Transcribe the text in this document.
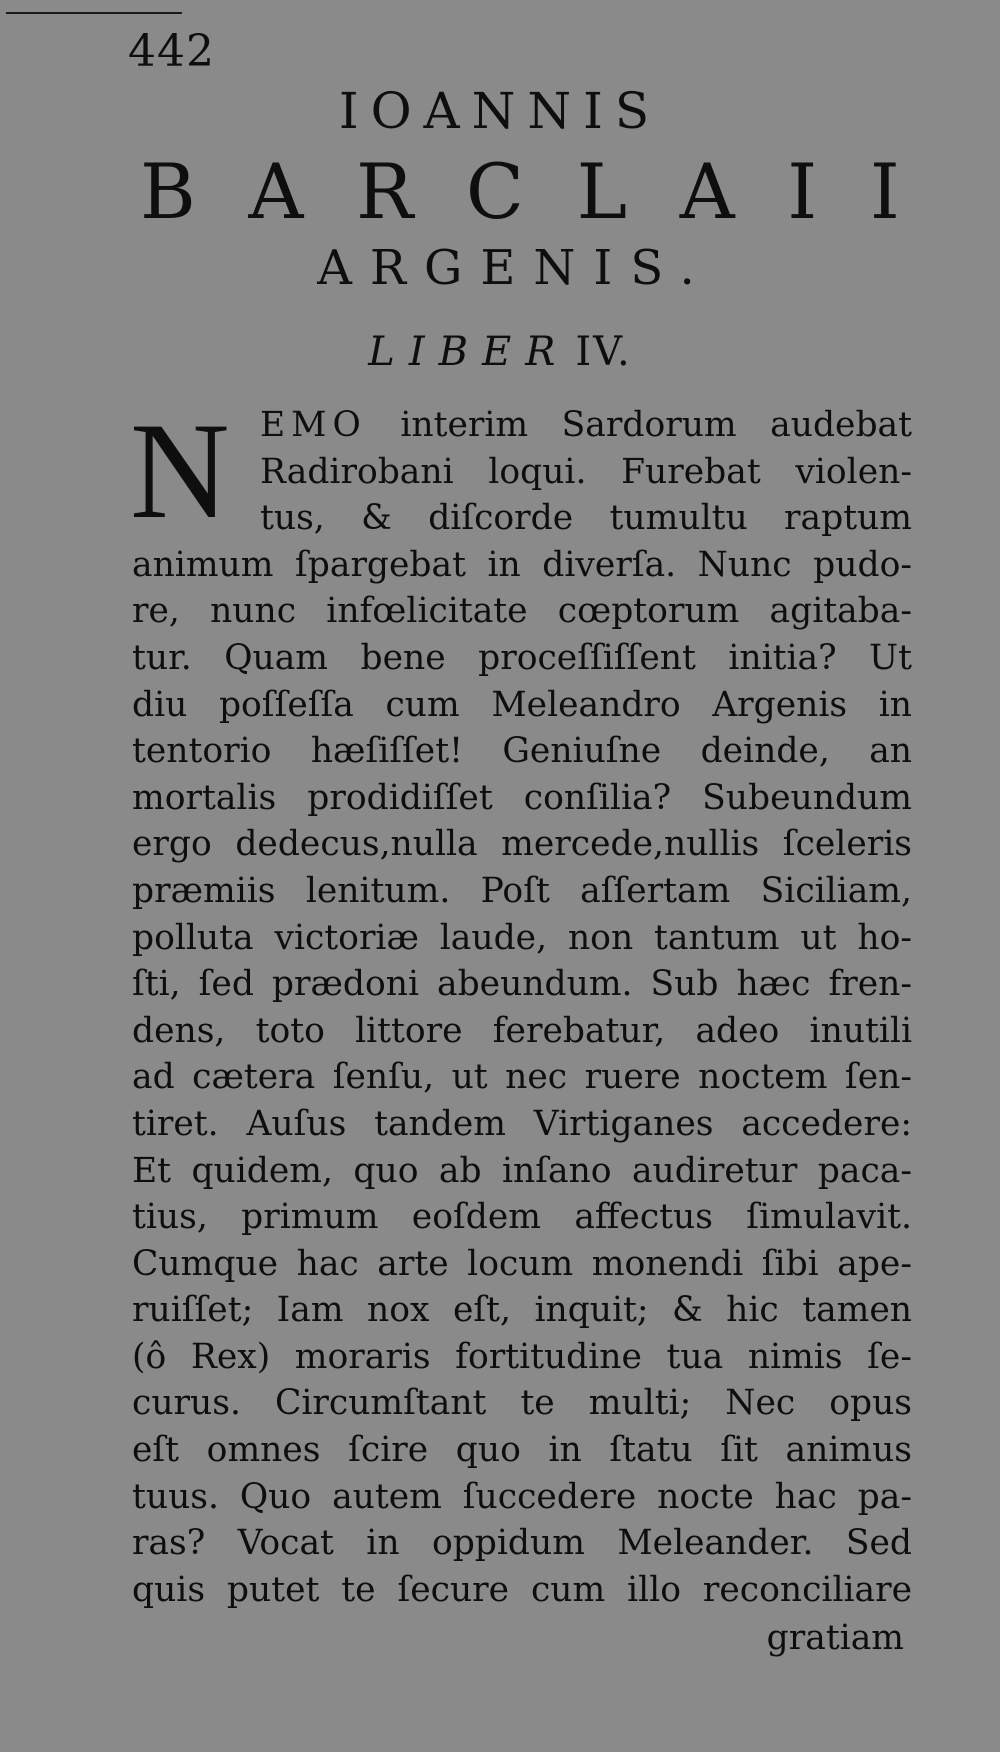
442
IOANNIS
B A R C L A I I
ARGENIS.
LIBER IV.
N EMO interim Sardorum audebat
Radirobani loqui. Furebat violen-
tus, & diſcorde tumultu raptum
animum ſpargebat in diverſa. Nunc pudo-
re, nunc infœlicitate cœptorum agitaba-
tur. Quam bene proceſſiſſent initia? Ut
diu poſſeſſa cum Meleandro Argenis in
tentorio hæſiſſet! Geniuſne deinde, an
mortalis prodidiſſet conſilia? Subeundum
ergo dedecus,nulla mercede,nullis ſceleris
præmiis lenitum. Poſt aſſertam Siciliam,
polluta victoriæ laude, non tantum ut ho-
ſti, ſed prædoni abeundum. Sub hæc fren-
dens, toto littore ferebatur, adeo inutili
ad cætera ſenſu, ut nec ruere noctem ſen-
tiret. Auſus tandem Virtiganes accedere:
Et quidem, quo ab inſano audiretur paca-
tius, primum eoſdem affectus ſimulavit.
Cumque hac arte locum monendi ſibi ape-
ruiſſet; Iam nox eſt, inquit; & hic tamen
(ô Rex) moraris fortitudine tua nimis ſe-
curus. Circumſtant te multi; Nec opus
eſt omnes ſcire quo in ſtatu ſit animus
tuus. Quo autem ſuccedere nocte hac pa-
ras? Vocat in oppidum Meleander. Sed
quis putet te ſecure cum illo reconciliare
gratiam
